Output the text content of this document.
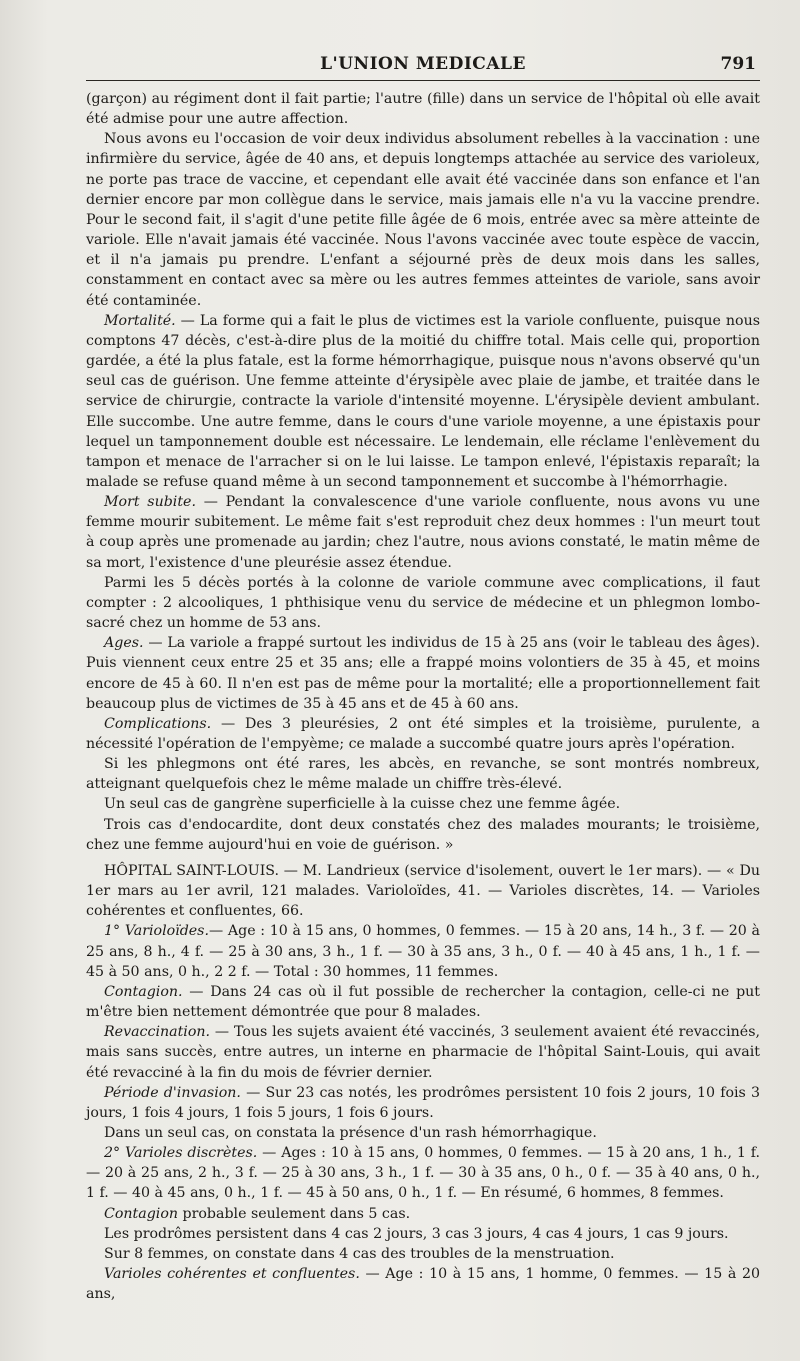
L'UNION MEDICALE	791

(garçon) au régiment dont il fait partie; l'autre (fille) dans un service de l'hôpital où elle avait été admise pour une autre affection.

Nous avons eu l'occasion de voir deux individus absolument rebelles à la vaccination : une infirmière du service, âgée de 40 ans, et depuis longtemps attachée au service des varioleux, ne porte pas trace de vaccine, et cependant elle avait été vaccinée dans son enfance et l'an dernier encore par mon collègue dans le service, mais jamais elle n'a vu la vaccine prendre. Pour le second fait, il s'agit d'une petite fille âgée de 6 mois, entrée avec sa mère atteinte de variole. Elle n'avait jamais été vaccinée. Nous l'avons vaccinée avec toute espèce de vaccin, et il n'a jamais pu prendre. L'enfant a séjourné près de deux mois dans les salles, constamment en contact avec sa mère ou les autres femmes atteintes de variole, sans avoir été contaminée.

Mortalité. — La forme qui a fait le plus de victimes est la variole confluente, puisque nous comptons 47 décès, c'est-à-dire plus de la moitié du chiffre total. Mais celle qui, proportion gardée, a été la plus fatale, est la forme hémorrhagique, puisque nous n'avons observé qu'un seul cas de guérison. Une femme atteinte d'érysipèle avec plaie de jambe, et traitée dans le service de chirurgie, contracte la variole d'intensité moyenne. L'érysipèle devient ambulant. Elle succombe. Une autre femme, dans le cours d'une variole moyenne, a une épistaxis pour lequel un tamponnement double est nécessaire. Le lendemain, elle réclame l'enlèvement du tampon et menace de l'arracher si on le lui laisse. Le tampon enlevé, l'épistaxis reparaît; la malade se refuse quand même à un second tamponnement et succombe à l'hémorrhagie.

Mort subite. — Pendant la convalescence d'une variole confluente, nous avons vu une femme mourir subitement. Le même fait s'est reproduit chez deux hommes : l'un meurt tout à coup après une promenade au jardin; chez l'autre, nous avions constaté, le matin même de sa mort, l'existence d'une pleurésie assez étendue.

Parmi les 5 décès portés à la colonne de variole commune avec complications, il faut compter : 2 alcooliques, 1 phthisique venu du service de médecine et un phlegmon lombo-sacré chez un homme de 53 ans.

Ages. — La variole a frappé surtout les individus de 15 à 25 ans (voir le tableau des âges). Puis viennent ceux entre 25 et 35 ans; elle a frappé moins volontiers de 35 à 45, et moins encore de 45 à 60. Il n'en est pas de même pour la mortalité; elle a proportionnellement fait beaucoup plus de victimes de 35 à 45 ans et de 45 à 60 ans.

Complications. — Des 3 pleurésies, 2 ont été simples et la troisième, purulente, a nécessité l'opération de l'empyème; ce malade a succombé quatre jours après l'opération.

Si les phlegmons ont été rares, les abcès, en revanche, se sont montrés nombreux, atteignant quelquefois chez le même malade un chiffre très-élevé.

Un seul cas de gangrène superficielle à la cuisse chez une femme âgée.

Trois cas d'endocardite, dont deux constatés chez des malades mourants; le troisième, chez une femme aujourd'hui en voie de guérison. »

HÔPITAL SAINT-LOUIS. — M. Landrieux (service d'isolement, ouvert le 1er mars). — « Du 1er mars au 1er avril, 121 malades. Varioloïdes, 41. — Varioles discrètes, 14. — Varioles cohérentes et confluentes, 66.

1° Varioloïdes.— Age : 10 à 15 ans, 0 hommes, 0 femmes. — 15 à 20 ans, 14 h., 3 f. — 20 à 25 ans, 8 h., 4 f. — 25 à 30 ans, 3 h., 1 f. — 30 à 35 ans, 3 h., 0 f. — 40 à 45 ans, 1 h., 1 f. — 45 à 50 ans, 0 h., 2 2 f. — Total : 30 hommes, 11 femmes.

Contagion. — Dans 24 cas où il fut possible de rechercher la contagion, celle-ci ne put m'être bien nettement démontrée que pour 8 malades.

Revaccination. — Tous les sujets avaient été vaccinés, 3 seulement avaient été revaccinés, mais sans succès, entre autres, un interne en pharmacie de l'hôpital Saint-Louis, qui avait été revacciné à la fin du mois de février dernier.

Période d'invasion. — Sur 23 cas notés, les prodrômes persistent 10 fois 2 jours, 10 fois 3 jours, 1 fois 4 jours, 1 fois 5 jours, 1 fois 6 jours.

Dans un seul cas, on constata la présence d'un rash hémorrhagique.

2° Varioles discrètes. — Ages : 10 à 15 ans, 0 hommes, 0 femmes. — 15 à 20 ans, 1 h., 1 f. — 20 à 25 ans, 2 h., 3 f. — 25 à 30 ans, 3 h., 1 f. — 30 à 35 ans, 0 h., 0 f. — 35 à 40 ans, 0 h., 1 f. — 40 à 45 ans, 0 h., 1 f. — 45 à 50 ans, 0 h., 1 f. — En résumé, 6 hommes, 8 femmes.

Contagion probable seulement dans 5 cas.

Les prodrômes persistent dans 4 cas 2 jours, 3 cas 3 jours, 4 cas 4 jours, 1 cas 9 jours.

Sur 8 femmes, on constate dans 4 cas des troubles de la menstruation.

Varioles cohérentes et confluentes. — Age : 10 à 15 ans, 1 homme, 0 femmes. — 15 à 20 ans,
